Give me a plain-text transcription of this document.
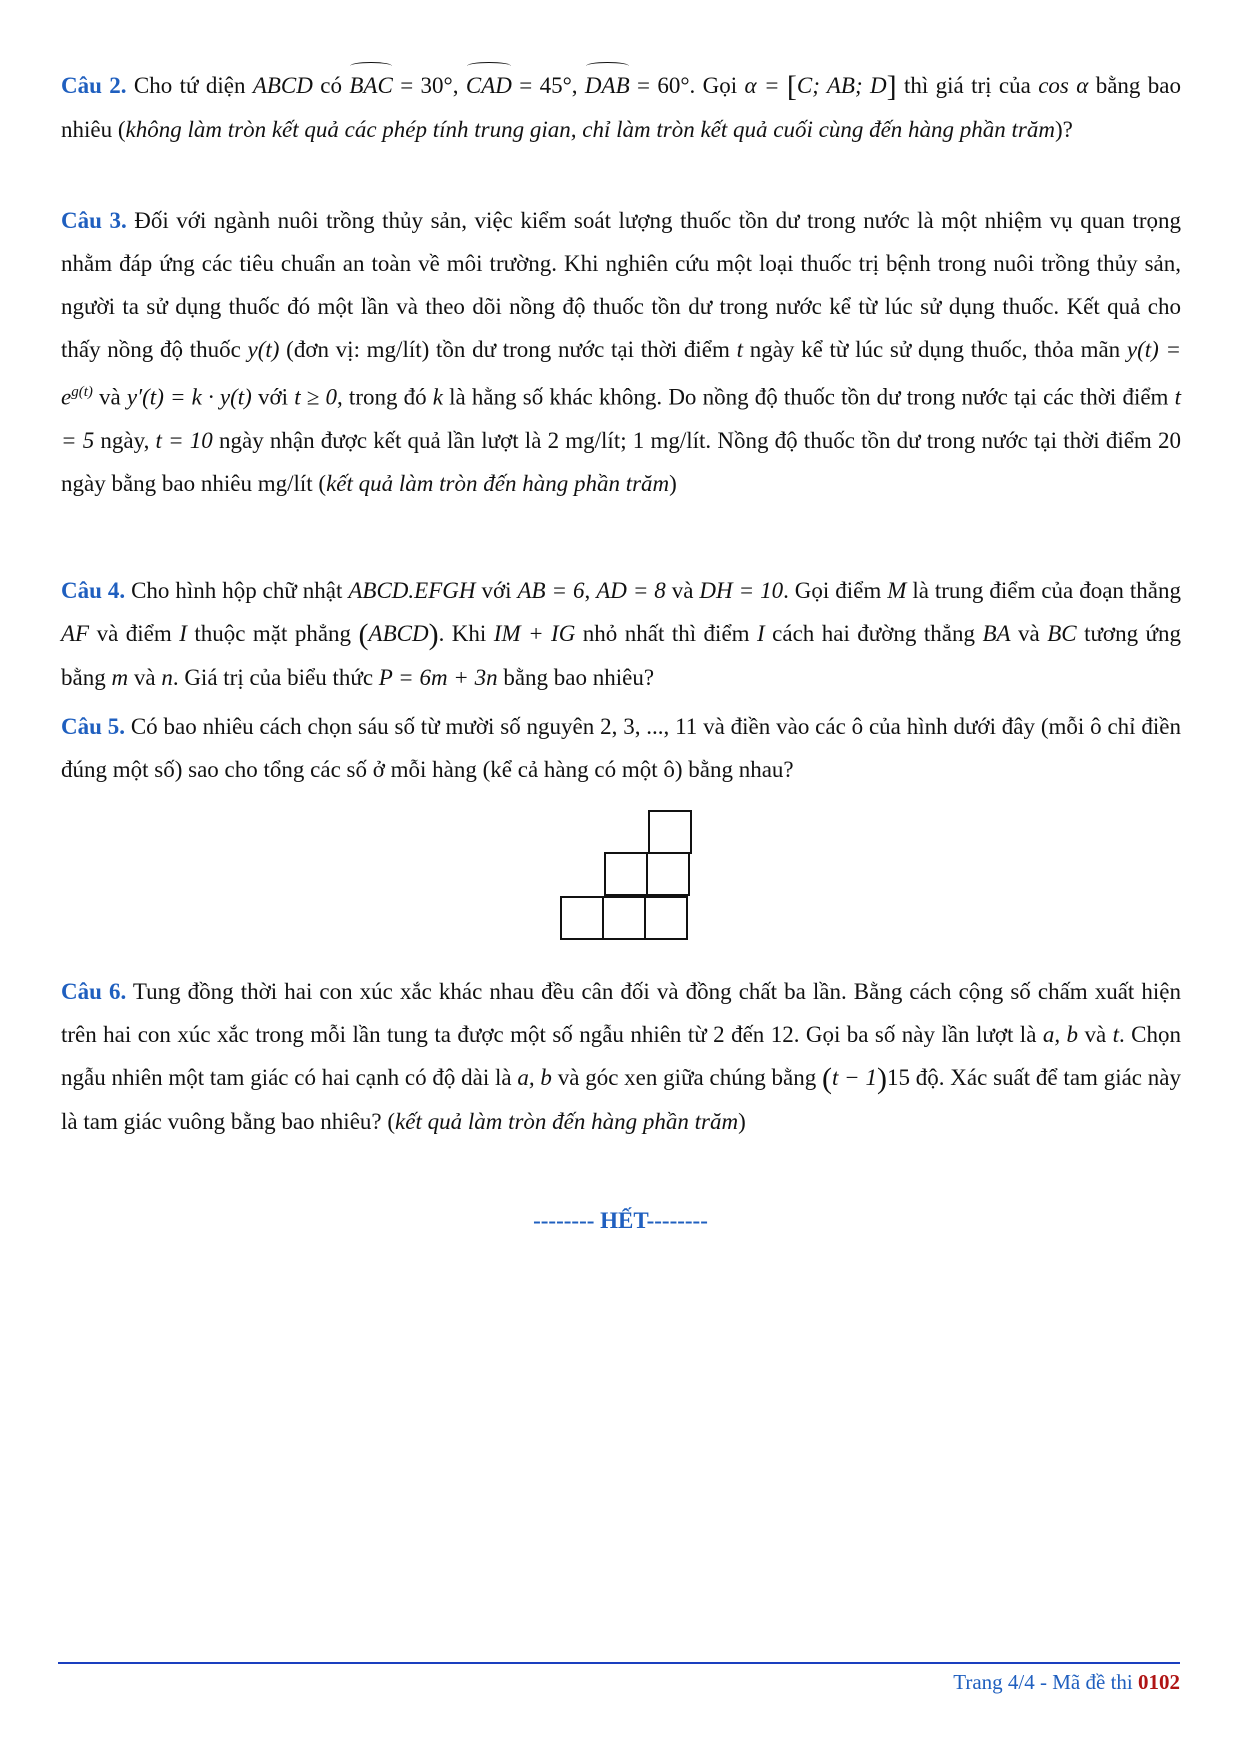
Câu 2. Cho tứ diện ABCD có BAC = 30°, CAD = 45°, DAB = 60°. Gọi α = [C; AB; D] thì giá trị của cos α bằng bao nhiêu (không làm tròn kết quả các phép tính trung gian, chỉ làm tròn kết quả cuối cùng đến hàng phần trăm)?
Câu 3. Đối với ngành nuôi trồng thủy sản, việc kiểm soát lượng thuốc tồn dư trong nước là một nhiệm vụ quan trọng nhằm đáp ứng các tiêu chuẩn an toàn về môi trường. Khi nghiên cứu một loại thuốc trị bệnh trong nuôi trồng thủy sản, người ta sử dụng thuốc đó một lần và theo dõi nồng độ thuốc tồn dư trong nước kể từ lúc sử dụng thuốc. Kết quả cho thấy nồng độ thuốc y(t) (đơn vị: mg/lít) tồn dư trong nước tại thời điểm t ngày kể từ lúc sử dụng thuốc, thỏa mãn $y(t) = e^{g(t)}$ và y′(t) = k · y(t) với t ≥ 0, trong đó k là hằng số khác không. Do nồng độ thuốc tồn dư trong nước tại các thời điểm t = 5 ngày, t = 10 ngày nhận được kết quả lần lượt là 2 mg/lít; 1 mg/lít. Nồng độ thuốc tồn dư trong nước tại thời điểm 20 ngày bằng bao nhiêu mg/lít (kết quả làm tròn đến hàng phần trăm)
Câu 4. Cho hình hộp chữ nhật ABCD.EFGH với AB = 6, AD = 8 và DH = 10. Gọi điểm M là trung điểm của đoạn thẳng AF và điểm I thuộc mặt phẳng (ABCD). Khi IM + IG nhỏ nhất thì điểm I cách hai đường thẳng BA và BC tương ứng bằng m và n. Giá trị của biểu thức P = 6m + 3n bằng bao nhiêu?
Câu 5. Có bao nhiêu cách chọn sáu số từ mười số nguyên 2, 3, ..., 11 và điền vào các ô của hình dưới đây (mỗi ô chỉ điền đúng một số) sao cho tổng các số ở mỗi hàng (kể cả hàng có một ô) bằng nhau?
Câu 6. Tung đồng thời hai con xúc xắc khác nhau đều cân đối và đồng chất ba lần. Bằng cách cộng số chấm xuất hiện trên hai con xúc xắc trong mỗi lần tung ta được một số ngẫu nhiên từ 2 đến 12. Gọi ba số này lần lượt là a, b và t. Chọn ngẫu nhiên một tam giác có hai cạnh có độ dài là a, b và góc xen giữa chúng bằng (t − 1)15 độ. Xác suất để tam giác này là tam giác vuông bằng bao nhiêu? (kết quả làm tròn đến hàng phần trăm)
-------- HẾT--------
Trang 4/4 - Mã đề thi 0102
